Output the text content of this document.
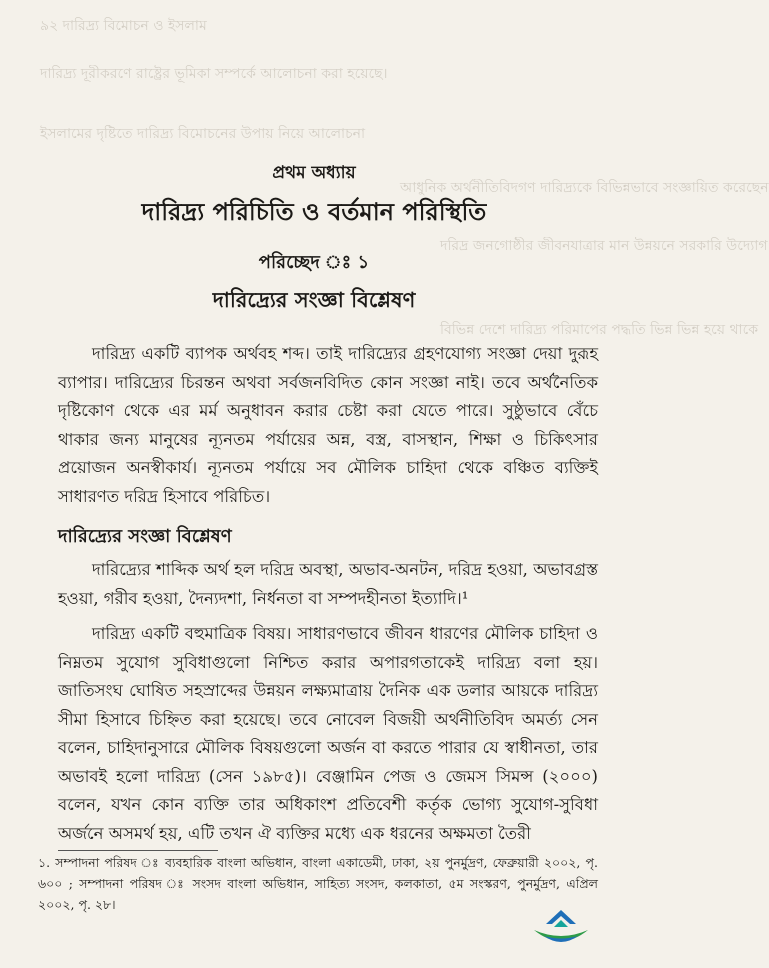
৯২ দারিদ্র্য বিমোচন ও ইসলাম
দারিদ্র্য দূরীকরণে রাষ্ট্রের ভূমিকা সম্পর্কে আলোচনা করা হয়েছে।
ইসলামের দৃষ্টিতে দারিদ্র্য বিমোচনের উপায় নিয়ে আলোচনা
আধুনিক অর্থনীতিবিদগণ দারিদ্র্যকে বিভিন্নভাবে সংজ্ঞায়িত করেছেন
দরিদ্র জনগোষ্ঠীর জীবনযাত্রার মান উন্নয়নে সরকারি উদ্যোগ
বিভিন্ন দেশে দারিদ্র্য পরিমাপের পদ্ধতি ভিন্ন ভিন্ন হয়ে থাকে
প্রথম অধ্যায়
দারিদ্র্য পরিচিতি ও বর্তমান পরিস্থিতি
পরিচ্ছেদ ঃ ১
দারিদ্র্যের সংজ্ঞা বিশ্লেষণ
দারিদ্র্য একটি ব্যাপক অর্থবহ শব্দ। তাই দারিদ্র্যের গ্রহণযোগ্য সংজ্ঞা দেয়া দুরূহ ব্যাপার। দারিদ্র্যের চিরন্তন অথবা সর্বজনবিদিত কোন সংজ্ঞা নাই। তবে অর্থনৈতিক দৃষ্টিকোণ থেকে এর মর্ম অনুধাবন করার চেষ্টা করা যেতে পারে। সুষ্ঠুভাবে বেঁচে থাকার জন্য মানুষের ন্যূনতম পর্যায়ের অন্ন, বস্ত্র, বাসস্থান, শিক্ষা ও চিকিৎসার প্রয়োজন অনস্বীকার্য। ন্যূনতম পর্যায়ে সব মৌলিক চাহিদা থেকে বঞ্চিত ব্যক্তিই সাধারণত দরিদ্র হিসাবে পরিচিত।
দারিদ্র্যের সংজ্ঞা বিশ্লেষণ
দারিদ্র্যের শাব্দিক অর্থ হল দরিদ্র অবস্থা, অভাব-অনটন, দরিদ্র হওয়া, অভাবগ্রস্ত হওয়া, গরীব হওয়া, দৈন্যদশা, নির্ধনতা বা সম্পদহীনতা ইত্যাদি।¹
দারিদ্র্য একটি বহুমাত্রিক বিষয়। সাধারণভাবে জীবন ধারণের মৌলিক চাহিদা ও নিম্নতম সুযোগ সুবিধাগুলো নিশ্চিত করার অপারগতাকেই দারিদ্র্য বলা হয়। জাতিসংঘ ঘোষিত সহস্রাব্দের উন্নয়ন লক্ষ্যমাত্রায় দৈনিক এক ডলার আয়কে দারিদ্র্য সীমা হিসাবে চিহ্নিত করা হয়েছে। তবে নোবেল বিজয়ী অর্থনীতিবিদ অমর্ত্য সেন বলেন, চাহিদানুসারে মৌলিক বিষয়গুলো অর্জন বা করতে পারার যে স্বাধীনতা, তার অভাবই হলো দারিদ্র্য (সেন ১৯৮৫)। বেঞ্জামিন পেজ ও জেমস সিমন্স (২০০০) বলেন, যখন কোন ব্যক্তি তার অধিকাংশ প্রতিবেশী কর্তৃক ভোগ্য সুযোগ-সুবিধা অর্জনে অসমর্থ হয়, এটি তখন ঐ ব্যক্তির মধ্যে এক ধরনের অক্ষমতা তৈরী
১. সম্পাদনা পরিষদ ঃ ব্যবহারিক বাংলা অভিধান, বাংলা একাডেমী, ঢাকা, ২য় পুনর্মুদ্রণ, ফেব্রুয়ারী ২০০২, পৃ. ৬০০ ; সম্পাদনা পরিষদ ঃ সংসদ বাংলা অভিধান, সাহিত্য সংসদ, কলকাতা, ৫ম সংস্করণ, পুনর্মুদ্রণ, এপ্রিল ২০০২, পৃ. ২৮।
